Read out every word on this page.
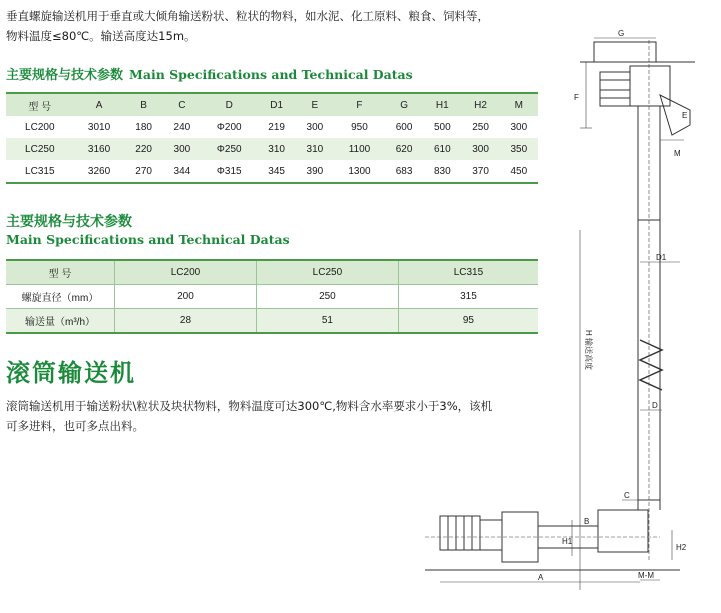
垂直螺旋输送机用于垂直或大倾角输送粉状、粒状的物料，如水泥、化工原料、粮食、饲料等，
物料温度≤80℃。输送高度达15m。
主要规格与技术参数 Main Specifications and Technical Datas
型 号	A	B	C	D	D1	E	F	G	H1	H2	M
LC200	3010	180	240	Φ200	219	300	950	600	500	250	300
LC250	3160	220	300	Φ250	310	310	1100	620	610	300	350
LC315	3260	270	344	Φ315	345	390	1300	683	830	370	450
主要规格与技术参数
Main Specifications and Technical Datas
型 号	LC200	LC250	LC315
螺旋直径（mm）	200	250	315
输送量（m³/h）	28	51	95
滚筒输送机
滚筒输送机用于输送粉状\粒状及块状物料，物料温度可达300℃,物料含水率要求小于3%，该机
可多进料，也可多点出料。
G
F
E
M
D1
H 输送高度
D
C
H1
H2
B
A	M-M
